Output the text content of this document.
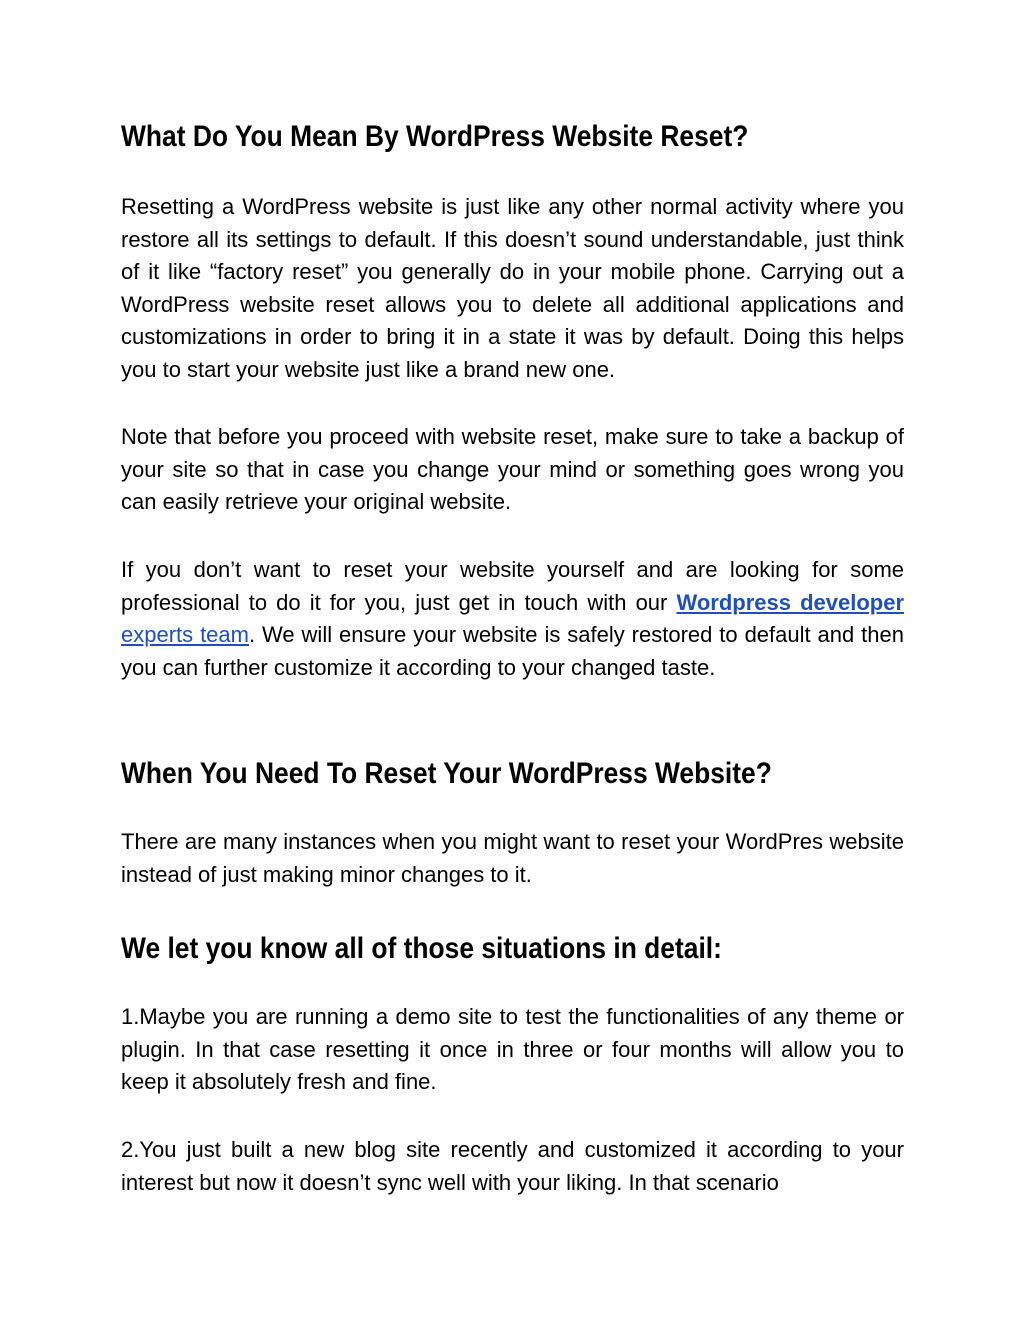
What Do You Mean By WordPress Website Reset?

Resetting a WordPress website is just like any other normal activity where you restore all its settings to default. If this doesn’t sound understandable, just think of it like “factory reset” you generally do in your mobile phone. Carrying out a WordPress website reset allows you to delete all additional applications and customizations in order to bring it in a state it was by default. Doing this helps you to start your website just like a brand new one.

Note that before you proceed with website reset, make sure to take a backup of your site so that in case you change your mind or something goes wrong you can easily retrieve your original website.

If you don’t want to reset your website yourself and are looking for some professional to do it for you, just get in touch with our Wordpress developer experts team. We will ensure your website is safely restored to default and then you can further customize it according to your changed taste.

When You Need To Reset Your WordPress Website?

There are many instances when you might want to reset your WordPres website instead of just making minor changes to it.

We let you know all of those situations in detail:

1.Maybe you are running a demo site to test the functionalities of any theme or plugin. In that case resetting it once in three or four months will allow you to keep it absolutely fresh and fine.

2.You just built a new blog site recently and customized it according to your interest but now it doesn’t sync well with your liking. In that scenario
